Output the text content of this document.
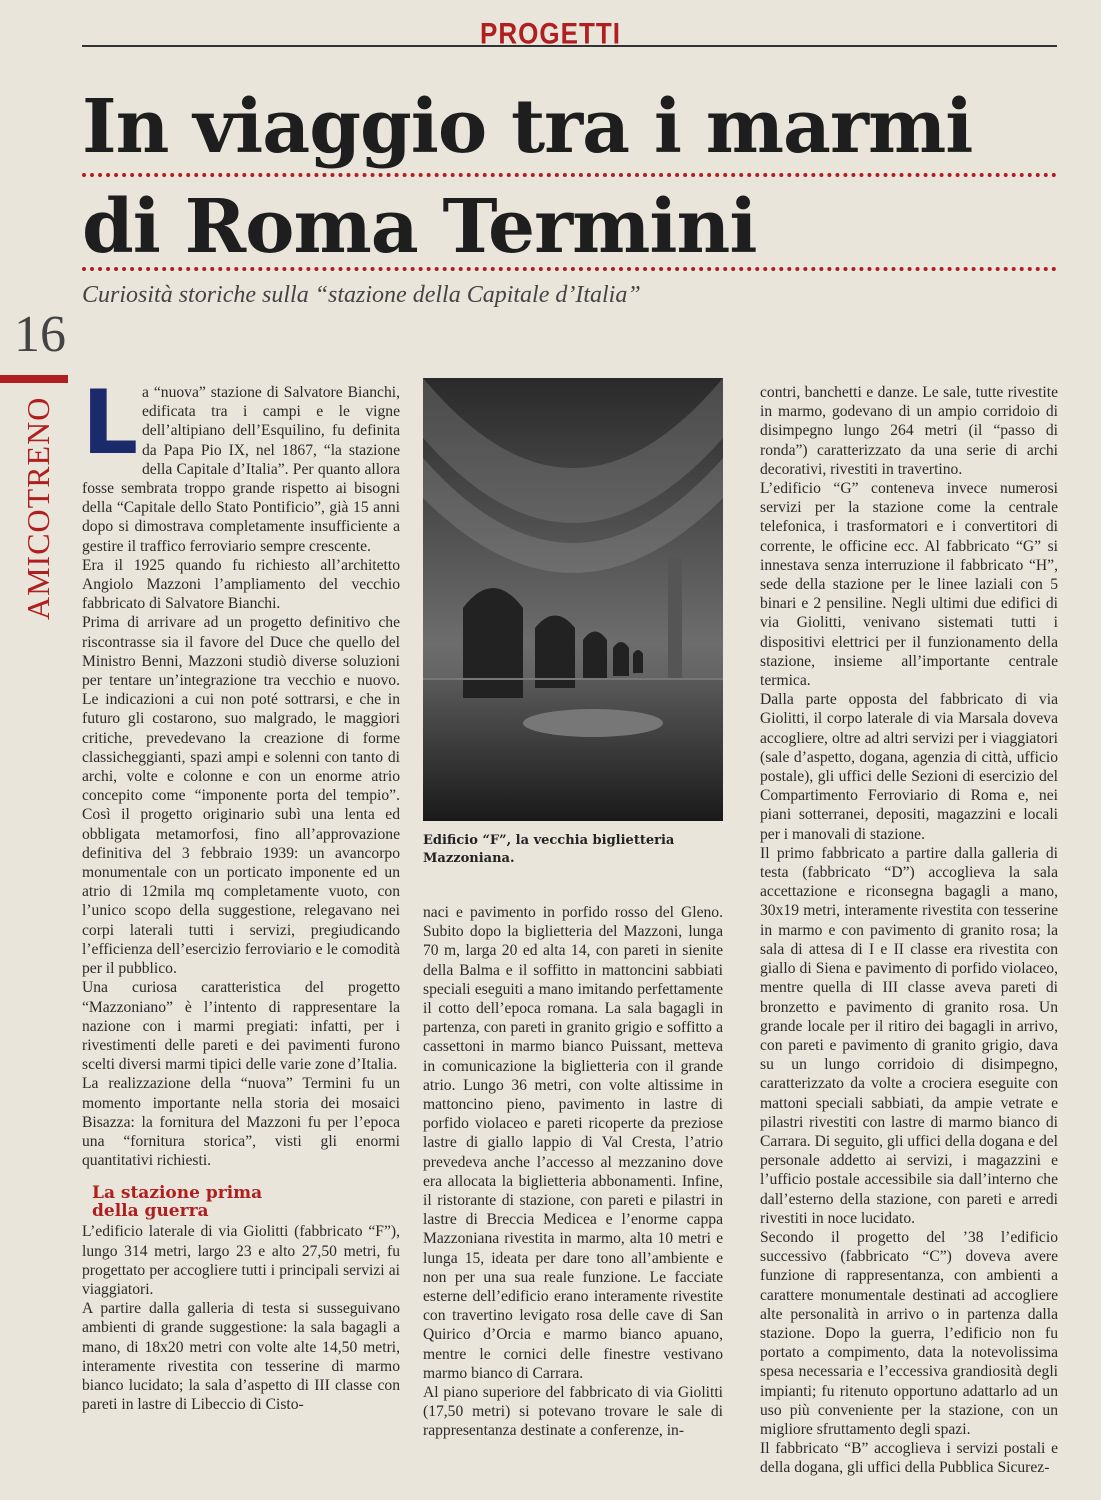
PROGETTI
In viaggio tra i marmi
di Roma Termini
Curiosità storiche sulla “stazione della Capitale d’Italia”
16
AMICOTRENO La “nuova” stazione di Salvatore Bianchi, edificata tra i campi e le vigne dell’altipiano dell’Esquilino, fu definita da Papa Pio IX, nel 1867, “la stazione della Capitale d’Italia”. Per quanto allora fosse sembrata troppo grande rispetto ai bisogni della “Capitale dello Stato Pontificio”, già 15 anni dopo si dimostrava completamente insufficiente a gestire il traffico ferroviario sempre crescente.

Era il 1925 quando fu richiesto all’architetto Angiolo Mazzoni l’ampliamento del vecchio fabbricato di Salvatore Bianchi.

Prima di arrivare ad un progetto definitivo che riscontrasse sia il favore del Duce che quello del Ministro Benni, Mazzoni studiò diverse soluzioni per tentare un’integrazione tra vecchio e nuovo. Le indicazioni a cui non poté sottrarsi, e che in futuro gli costarono, suo malgrado, le maggiori critiche, prevedevano la creazione di forme classicheggianti, spazi ampi e solenni con tanto di archi, volte e colonne e con un enorme atrio concepito come “imponente porta del tempio”. Così il progetto originario subì una lenta ed obbligata metamorfosi, fino all’approvazione definitiva del 3 febbraio 1939: un avancorpo monumentale con un porticato imponente ed un atrio di 12mila mq completamente vuoto, con l’unico scopo della suggestione, relegavano nei corpi laterali tutti i servizi, pregiudicando l’efficienza dell’esercizio ferroviario e le comodità per il pubblico.

Una curiosa caratteristica del progetto “Mazzoniano” è l’intento di rappresentare la nazione con i marmi pregiati: infatti, per i rivestimenti delle pareti e dei pavimenti furono scelti diversi marmi tipici delle varie zone d’Italia.

La realizzazione della “nuova” Termini fu un momento importante nella storia dei mosaici Bisazza: la fornitura del Mazzoni fu per l’epoca una “fornitura storica”, visti gli enormi quantitativi richiesti.

La stazione prima
della guerra

L’edificio laterale di via Giolitti (fabbricato “F”), lungo 314 metri, largo 23 e alto 27,50 metri, fu progettato per accogliere tutti i principali servizi ai viaggiatori.

A partire dalla galleria di testa si susseguivano ambienti di grande suggestione: la sala bagagli a mano, di 18x20 metri con volte alte 14,50 metri, interamente rivestita con tesserine di marmo bianco lucidato; la sala d’aspetto di III classe con pareti in lastre di Libeccio di Cisto-

Edificio “F”, la vecchia biglietteria Mazzoniana.

naci e pavimento in porfido rosso del Gleno. Subito dopo la biglietteria del Mazzoni, lunga 70 m, larga 20 ed alta 14, con pareti in sienite della Balma e il soffitto in mattoncini sabbiati speciali eseguiti a mano imitando perfettamente il cotto dell’epoca romana. La sala bagagli in partenza, con pareti in granito grigio e soffitto a cassettoni in marmo bianco Puissant, metteva in comunicazione la biglietteria con il grande atrio. Lungo 36 metri, con volte altissime in mattoncino pieno, pavimento in lastre di porfido violaceo e pareti ricoperte da preziose lastre di giallo lappio di Val Cresta, l’atrio prevedeva anche l’accesso al mezzanino dove era allocata la biglietteria abbonamenti. Infine, il ristorante di stazione, con pareti e pilastri in lastre di Breccia Medicea e l’enorme cappa Mazzoniana rivestita in marmo, alta 10 metri e lunga 15, ideata per dare tono all’ambiente e non per una sua reale funzione. Le facciate esterne dell’edificio erano interamente rivestite con travertino levigato rosa delle cave di San Quirico d’Orcia e marmo bianco apuano, mentre le cornici delle finestre vestivano marmo bianco di Carrara.

Al piano superiore del fabbricato di via Giolitti (17,50 metri) si potevano trovare le sale di rappresentanza destinate a conferenze, in-

contri, banchetti e danze. Le sale, tutte rivestite in marmo, godevano di un ampio corridoio di disimpegno lungo 264 metri (il “passo di ronda”) caratterizzato da una serie di archi decorativi, rivestiti in travertino.

L’edificio “G” conteneva invece numerosi servizi per la stazione come la centrale telefonica, i trasformatori e i convertitori di corrente, le officine ecc. Al fabbricato “G” si innestava senza interruzione il fabbricato “H”, sede della stazione per le linee laziali con 5 binari e 2 pensiline. Negli ultimi due edifici di via Giolitti, venivano sistemati tutti i dispositivi elettrici per il funzionamento della stazione, insieme all’importante centrale termica.

Dalla parte opposta del fabbricato di via Giolitti, il corpo laterale di via Marsala doveva accogliere, oltre ad altri servizi per i viaggiatori (sale d’aspetto, dogana, agenzia di città, ufficio postale), gli uffici delle Sezioni di esercizio del Compartimento Ferroviario di Roma e, nei piani sotterranei, depositi, magazzini e locali per i manovali di stazione.

Il primo fabbricato a partire dalla galleria di testa (fabbricato “D”) accoglieva la sala accettazione e riconsegna bagagli a mano, 30x19 metri, interamente rivestita con tesserine in marmo e con pavimento di granito rosa; la sala di attesa di I e II classe era rivestita con giallo di Siena e pavimento di porfido violaceo, mentre quella di III classe aveva pareti di bronzetto e pavimento di granito rosa. Un grande locale per il ritiro dei bagagli in arrivo, con pareti e pavimento di granito grigio, dava su un lungo corridoio di disimpegno, caratterizzato da volte a crociera eseguite con mattoni speciali sabbiati, da ampie vetrate e pilastri rivestiti con lastre di marmo bianco di Carrara. Di seguito, gli uffici della dogana e del personale addetto ai servizi, i magazzini e l’ufficio postale accessibile sia dall’interno che dall’esterno della stazione, con pareti e arredi rivestiti in noce lucidato.

Secondo il progetto del ’38 l’edificio successivo (fabbricato “C”) doveva avere funzione di rappresentanza, con ambienti a carattere monumentale destinati ad accogliere alte personalità in arrivo o in partenza dalla stazione. Dopo la guerra, l’edificio non fu portato a compimento, data la notevolissima spesa necessaria e l’eccessiva grandiosità degli impianti; fu ritenuto opportuno adattarlo ad un uso più conveniente per la stazione, con un migliore sfruttamento degli spazi.

Il fabbricato “B” accoglieva i servizi postali e della dogana, gli uffici della Pubblica Sicurez-
